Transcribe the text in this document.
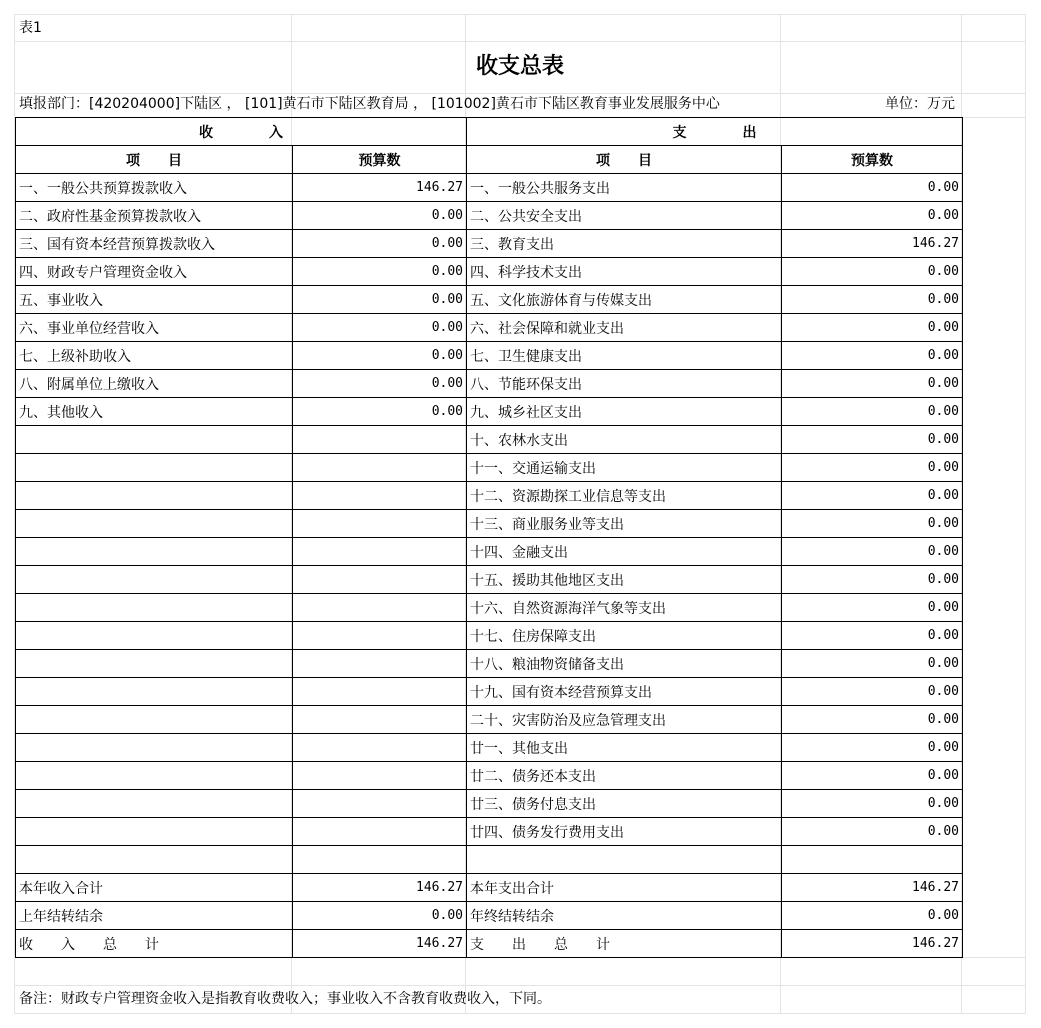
表1
收支总表
填报部门：[420204000]下陆区 ， [101]黄石市下陆区教育局 ， [101002]黄石市下陆区教育事业发展服务中心	单位：万元
收　　　　入		支　　　　出	
项　　目	预算数	项　　目	预算数
一、一般公共预算拨款收入	146.27	一、一般公共服务支出	0.00
二、政府性基金预算拨款收入	0.00	二、公共安全支出	0.00
三、国有资本经营预算拨款收入	0.00	三、教育支出	146.27
四、财政专户管理资金收入	0.00	四、科学技术支出	0.00
五、事业收入	0.00	五、文化旅游体育与传媒支出	0.00
六、事业单位经营收入	0.00	六、社会保障和就业支出	0.00
七、上级补助收入	0.00	七、卫生健康支出	0.00
八、附属单位上缴收入	0.00	八、节能环保支出	0.00
九、其他收入	0.00	九、城乡社区支出	0.00
		十、农林水支出	0.00
		十一、交通运输支出	0.00
		十二、资源勘探工业信息等支出	0.00
		十三、商业服务业等支出	0.00
		十四、金融支出	0.00
		十五、援助其他地区支出	0.00
		十六、自然资源海洋气象等支出	0.00
		十七、住房保障支出	0.00
		十八、粮油物资储备支出	0.00
		十九、国有资本经营预算支出	0.00
		二十、灾害防治及应急管理支出	0.00
		廿一、其他支出	0.00
		廿二、债务还本支出	0.00
		廿三、债务付息支出	0.00
		廿四、债务发行费用支出	0.00

本年收入合计	146.27	本年支出合计	146.27
上年结转结余	0.00	年终结转结余	0.00
收　　入　　总　　计	146.27	支　　出　　总　　计	146.27
备注：财政专户管理资金收入是指教育收费收入；事业收入不含教育收费收入，下同。
